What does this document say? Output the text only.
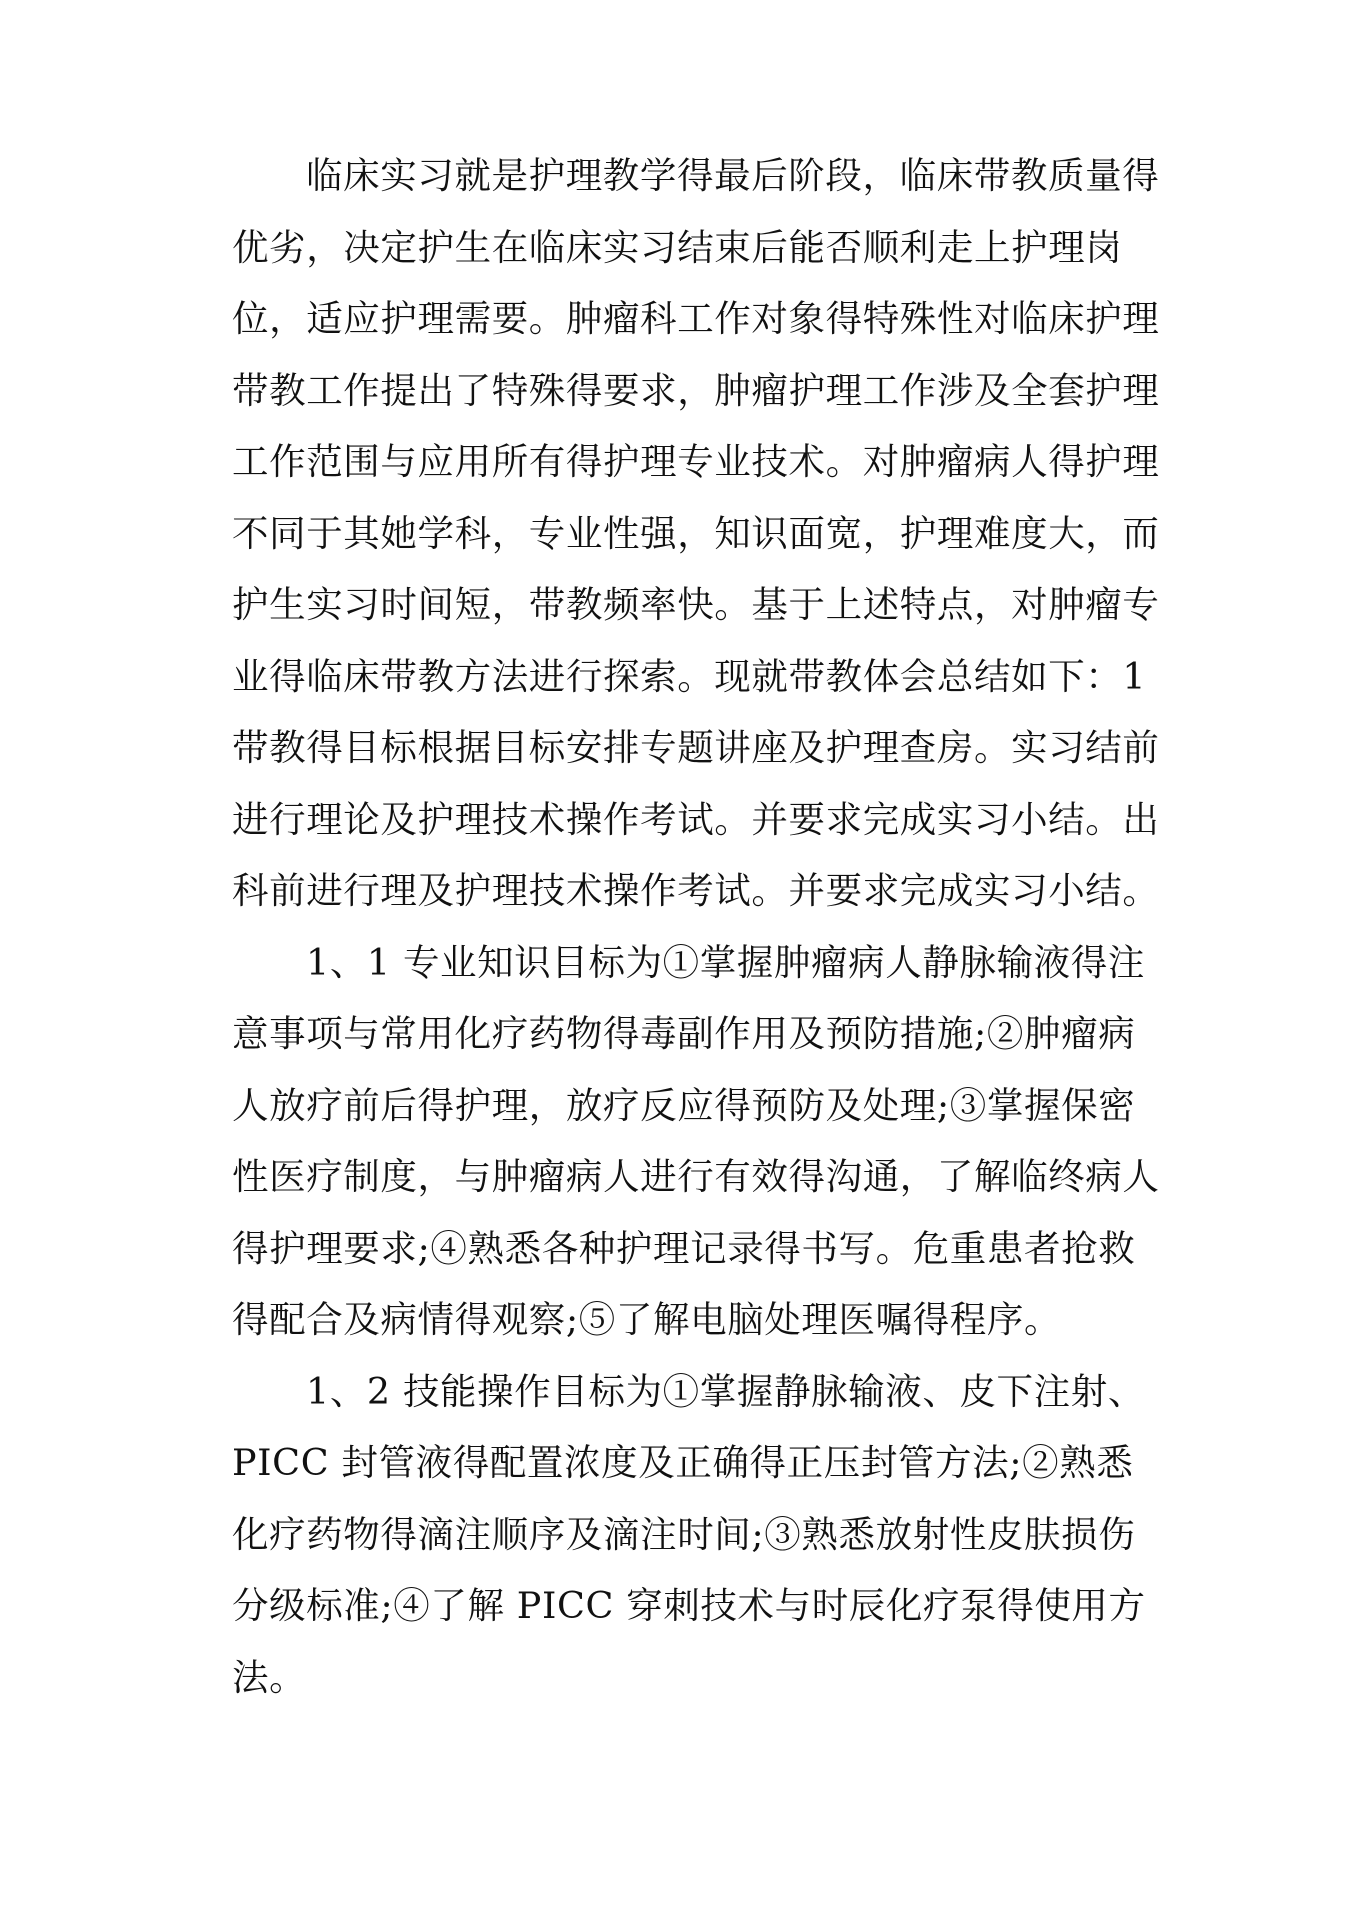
临床实习就是护理教学得最后阶段，临床带教质量得
优劣，决定护生在临床实习结束后能否顺利走上护理岗
位，适应护理需要。肿瘤科工作对象得特殊性对临床护理
带教工作提出了特殊得要求，肿瘤护理工作涉及全套护理
工作范围与应用所有得护理专业技术。对肿瘤病人得护理
不同于其她学科，专业性强，知识面宽，护理难度大，而
护生实习时间短，带教频率快。基于上述特点，对肿瘤专
业得临床带教方法进行探索。现就带教体会总结如下：1
带教得目标根据目标安排专题讲座及护理查房。实习结前
进行理论及护理技术操作考试。并要求完成实习小结。出
科前进行理及护理技术操作考试。并要求完成实习小结。

1、1 专业知识目标为①掌握肿瘤病人静脉输液得注
意事项与常用化疗药物得毒副作用及预防措施;②肿瘤病
人放疗前后得护理，放疗反应得预防及处理;③掌握保密
性医疗制度，与肿瘤病人进行有效得沟通，了解临终病人
得护理要求;④熟悉各种护理记录得书写。危重患者抢救
得配合及病情得观察;⑤了解电脑处理医嘱得程序。

1、2 技能操作目标为①掌握静脉输液、皮下注射、
PICC 封管液得配置浓度及正确得正压封管方法;②熟悉
化疗药物得滴注顺序及滴注时间;③熟悉放射性皮肤损伤
分级标准;④了解 PICC 穿刺技术与时辰化疗泵得使用方
法。
